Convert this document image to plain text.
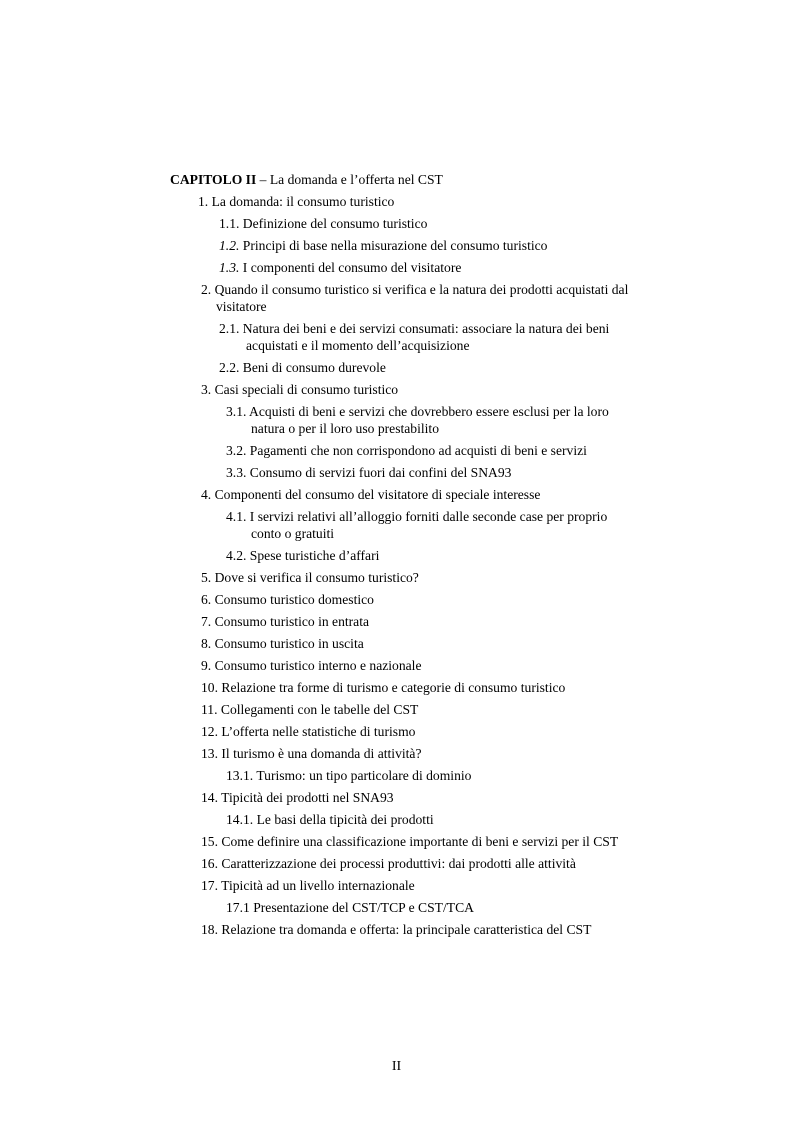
CAPITOLO II – La domanda e l’offerta nel CST
1. La domanda: il consumo turistico
1.1. Definizione del consumo turistico
1.2. Principi di base nella misurazione del consumo turistico
1.3. I componenti del consumo del visitatore
2. Quando il consumo turistico si verifica e la natura dei prodotti acquistati dal
visitatore
2.1. Natura dei beni e dei servizi consumati: associare la natura dei beni
acquistati e il momento dell’acquisizione
2.2. Beni di consumo durevole
3. Casi speciali di consumo turistico
3.1. Acquisti di beni e servizi che dovrebbero essere esclusi per la loro
natura o per il loro uso prestabilito
3.2. Pagamenti che non corrispondono ad acquisti di beni e servizi
3.3. Consumo di servizi fuori dai confini del SNA93
4. Componenti del consumo del visitatore di speciale interesse
4.1. I servizi relativi all’alloggio forniti dalle seconde case per proprio
conto o gratuiti
4.2. Spese turistiche d’affari
5. Dove si verifica il consumo turistico?
6. Consumo turistico domestico
7. Consumo turistico in entrata
8. Consumo turistico in uscita
9. Consumo turistico interno e nazionale
10. Relazione tra forme di turismo e categorie di consumo turistico
11. Collegamenti con le tabelle del CST
12. L’offerta nelle statistiche di turismo
13. Il turismo è una domanda di attività?
13.1. Turismo: un tipo particolare di dominio
14. Tipicità dei prodotti nel SNA93
14.1. Le basi della tipicità dei prodotti
15. Come definire una classificazione importante di beni e servizi per il CST
16. Caratterizzazione dei processi produttivi: dai prodotti alle attività
17. Tipicità ad un livello internazionale
17.1 Presentazione del CST/TCP e CST/TCA
18. Relazione tra domanda e offerta: la principale caratteristica del CST
II
